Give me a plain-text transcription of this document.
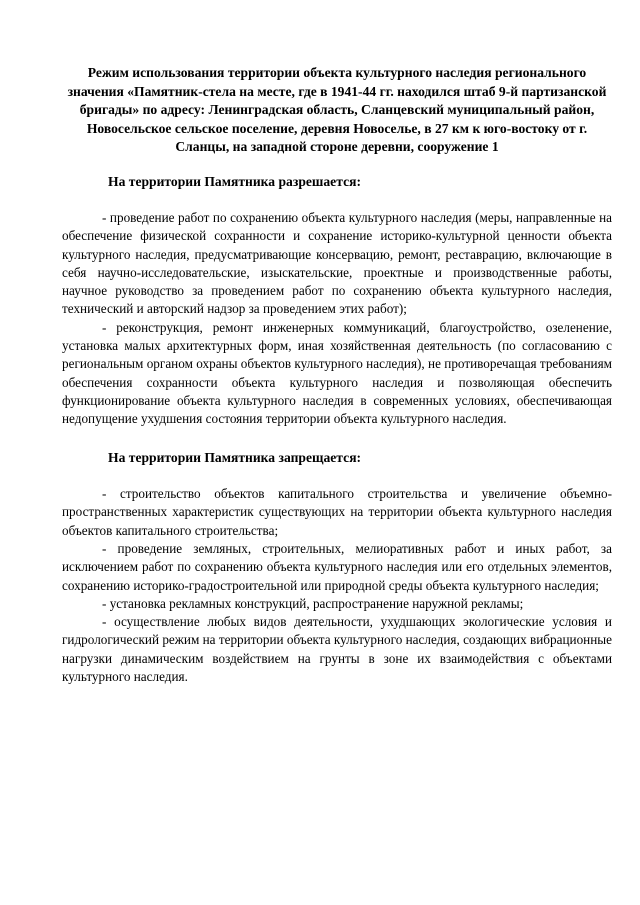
Режим использования территории объекта культурного наследия регионального значения «Памятник-стела на месте, где в 1941-44 гг. находился штаб 9-й партизанской бригады» по адресу: Ленинградская область, Сланцевский муниципальный район, Новосельское сельское поселение, деревня Новоселье, в 27 км к юго-востоку от г. Сланцы, на западной стороне деревни, сооружение 1
На территории Памятника разрешается:

- проведение работ по сохранению объекта культурного наследия (меры, направленные на обеспечение физической сохранности и сохранение историко-культурной ценности объекта культурного наследия, предусматривающие консервацию, ремонт, реставрацию, включающие в себя научно-исследовательские, изыскательские, проектные и производственные работы, научное руководство за проведением работ по сохранению объекта культурного наследия, технический и авторский надзор за проведением этих работ);

- реконструкция, ремонт инженерных коммуникаций, благоустройство, озеленение, установка малых архитектурных форм, иная хозяйственная деятельность (по согласованию с региональным органом охраны объектов культурного наследия), не противоречащая требованиям обеспечения сохранности объекта культурного наследия и позволяющая обеспечить функционирование объекта культурного наследия в современных условиях, обеспечивающая недопущение ухудшения состояния территории объекта культурного наследия.

На территории Памятника запрещается:

- строительство объектов капитального строительства и увеличение объемно-пространственных характеристик существующих на территории объекта культурного наследия объектов капитального строительства;

- проведение земляных, строительных, мелиоративных работ и иных работ, за исключением работ по сохранению объекта культурного наследия или его отдельных элементов, сохранению историко-градостроительной или природной среды объекта культурного наследия;

- установка рекламных конструкций, распространение наружной рекламы;

- осуществление любых видов деятельности, ухудшающих экологические условия и гидрологический режим на территории объекта культурного наследия, создающих вибрационные нагрузки динамическим воздействием на грунты в зоне их взаимодействия с объектами культурного наследия.
